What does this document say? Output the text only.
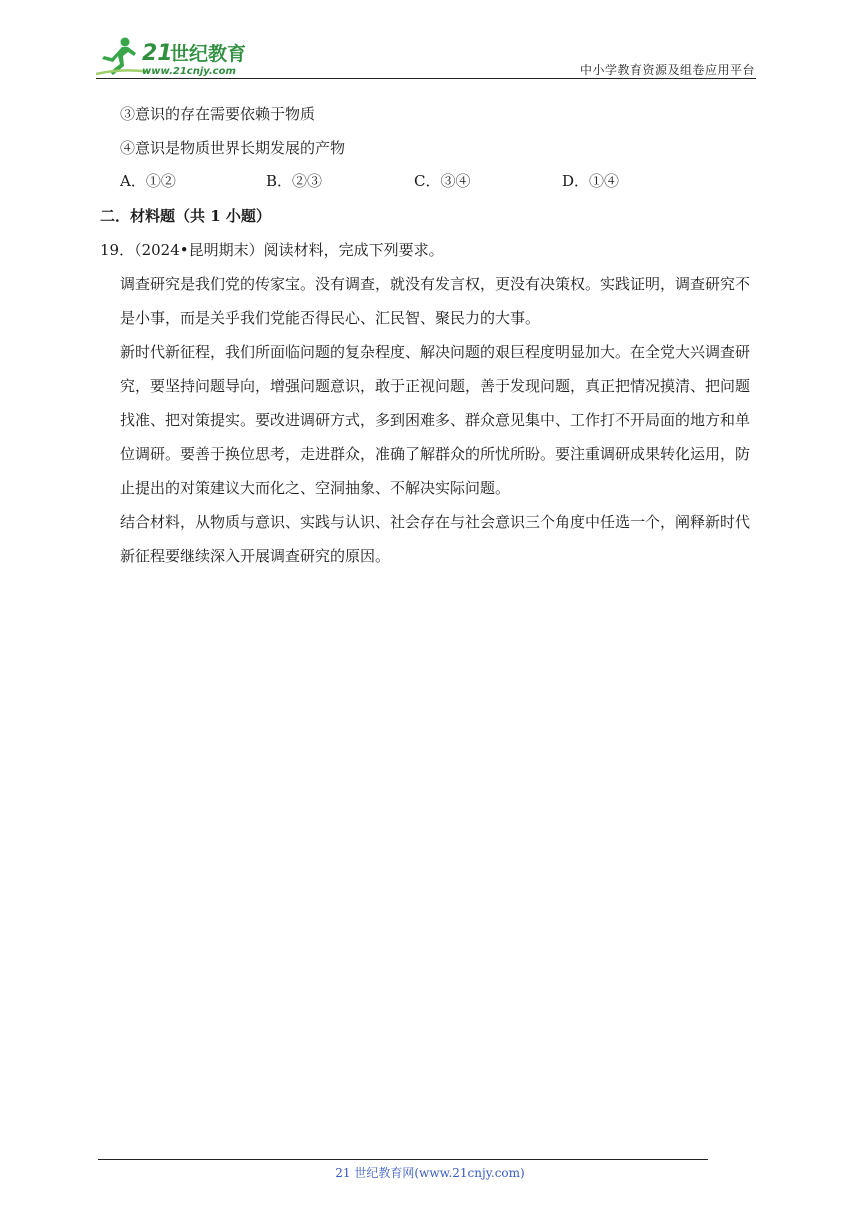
21
世纪教育
www.21cnjy.com	中小学教育资源及组卷应用平台
③意识的存在需要依赖于物质
④意识是物质世界长期发展的产物
A．①②	B．②③	C．③④	D．①④
二．材料题（共 1 小题）
19．（2024•昆明期末）阅读材料，完成下列要求。
调查研究是我们党的传家宝。没有调查，就没有发言权，更没有决策权。实践证明，调查研究不
是小事，而是关乎我们党能否得民心、汇民智、聚民力的大事。
新时代新征程，我们所面临问题的复杂程度、解决问题的艰巨程度明显加大。在全党大兴调查研
究，要坚持问题导向，增强问题意识，敢于正视问题，善于发现问题，真正把情况摸清、把问题
找准、把对策提实。要改进调研方式，多到困难多、群众意见集中、工作打不开局面的地方和单
位调研。要善于换位思考，走进群众，准确了解群众的所忧所盼。要注重调研成果转化运用，防
止提出的对策建议大而化之、空洞抽象、不解决实际问题。
结合材料，从物质与意识、实践与认识、社会存在与社会意识三个角度中任选一个，阐释新时代
新征程要继续深入开展调查研究的原因。
21 世纪教育网(www.21cnjy.com)
